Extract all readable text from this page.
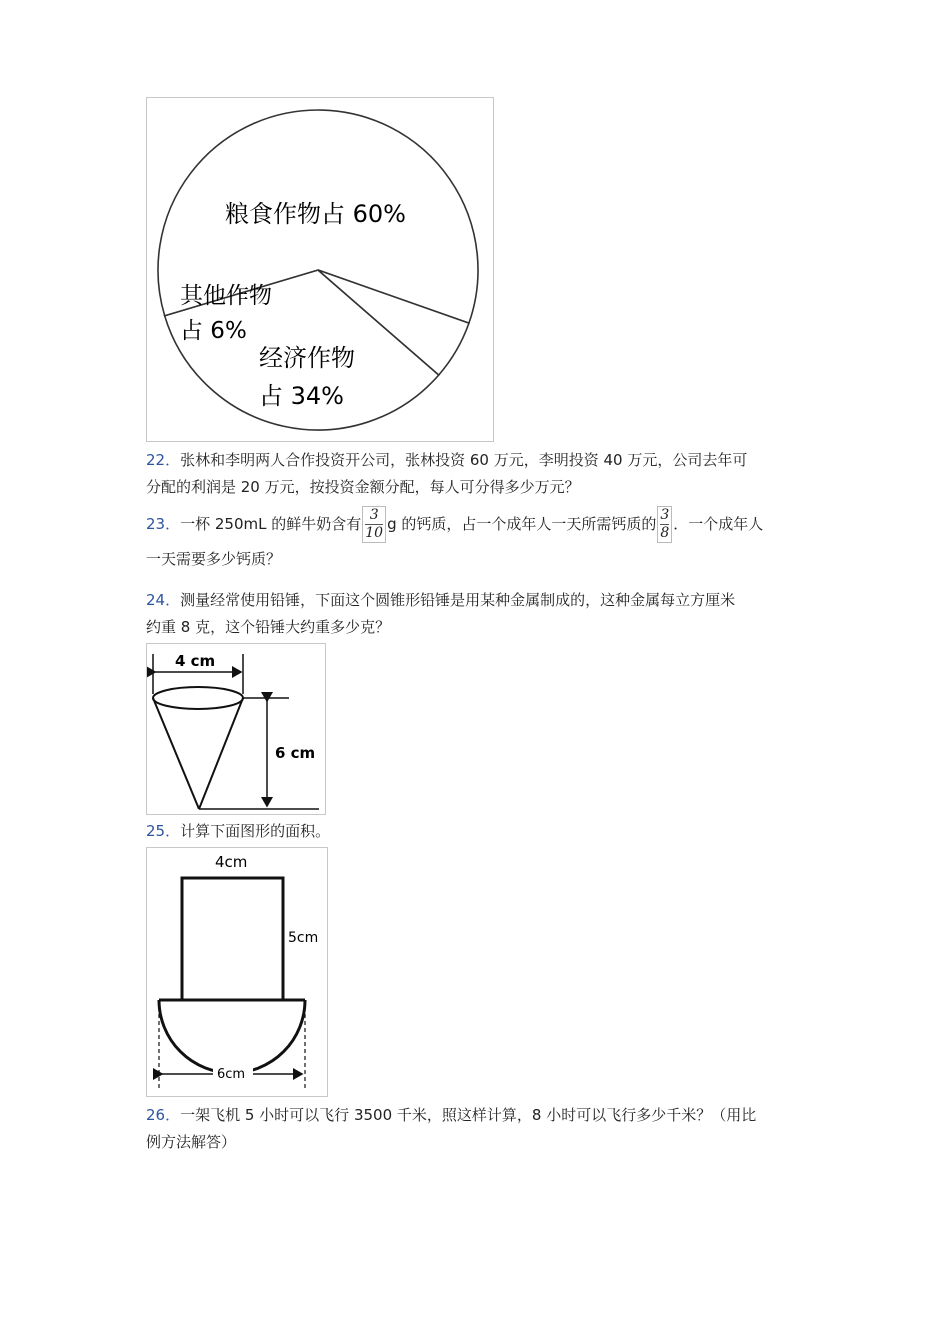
粮食作物占 60%
其他作物
占 6%
经济作物
占 34%
22．张林和李明两人合作投资开公司，张林投资 60 万元，李明投资 40 万元，公司去年可
分配的利润是 20 万元，按投资金额分配，每人可分得多少万元？
23．一杯 250mL 的鲜牛奶含有 $\frac{3}{10}$ g 的钙质，占一个成年人一天所需钙质的 $\frac{3}{8}$ ．一个成年人
一天需要多少钙质？
24．测量经常使用铅锤，下面这个圆锥形铅锤是用某种金属制成的，这种金属每立方厘米
约重 8 克，这个铅锤大约重多少克？
4 cm
6 cm
25．计算下面图形的面积。
4cm
5cm
6cm
26．一架飞机 5 小时可以飞行 3500 千米，照这样计算，8 小时可以飞行多少千米？（用比
例方法解答）
